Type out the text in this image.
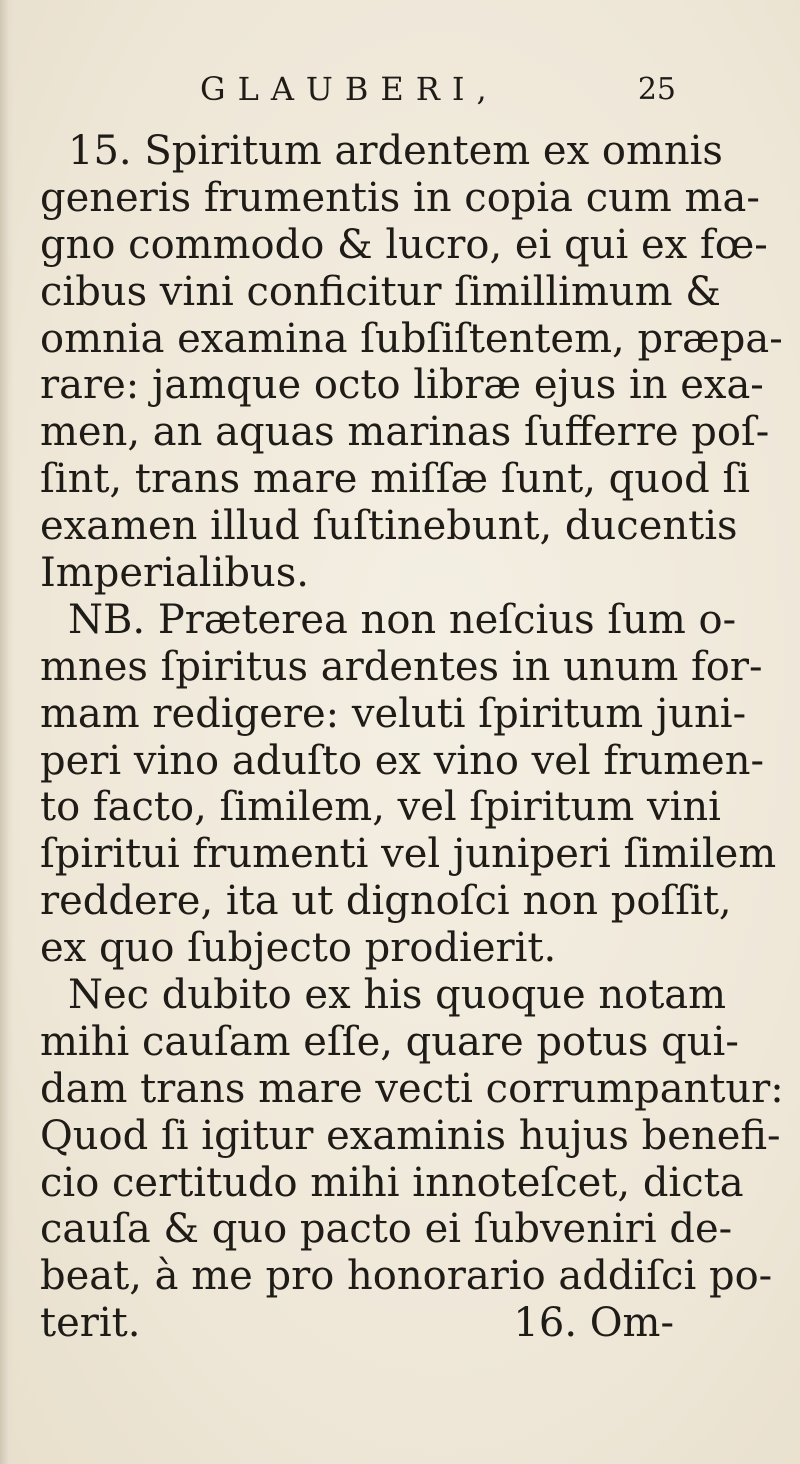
GLAUBERI,	25
15. Spiritum ardentem ex omnis
generis frumentis in copia cum ma-
gno commodo & lucro, ei qui ex fœ-
cibus vini conficitur ſimillimum &
omnia examina ſubſiſtentem, præpa-
rare: jamque octo libræ ejus in exa-
men, an aquas marinas ſufferre poſ-
ſint, trans mare miſſæ ſunt, quod ſi
examen illud ſuſtinebunt, ducentis
Imperialibus.
NB. Præterea non neſcius ſum o-
mnes ſpiritus ardentes in unum for-
mam redigere: veluti ſpiritum juni-
peri vino aduſto ex vino vel frumen-
to facto, ſimilem, vel ſpiritum vini
ſpiritui frumenti vel juniperi ſimilem
reddere, ita ut dignoſci non poſſit,
ex quo ſubjecto prodierit.
Nec dubito ex his quoque notam
mihi cauſam eſſe, quare potus qui-
dam trans mare vecti corrumpantur:
Quod ſi igitur examinis hujus benefi-
cio certitudo mihi innoteſcet, dicta
cauſa & quo pacto ei ſubveniri de-
beat, à me pro honorario addiſci po-
terit.	16. Om-
